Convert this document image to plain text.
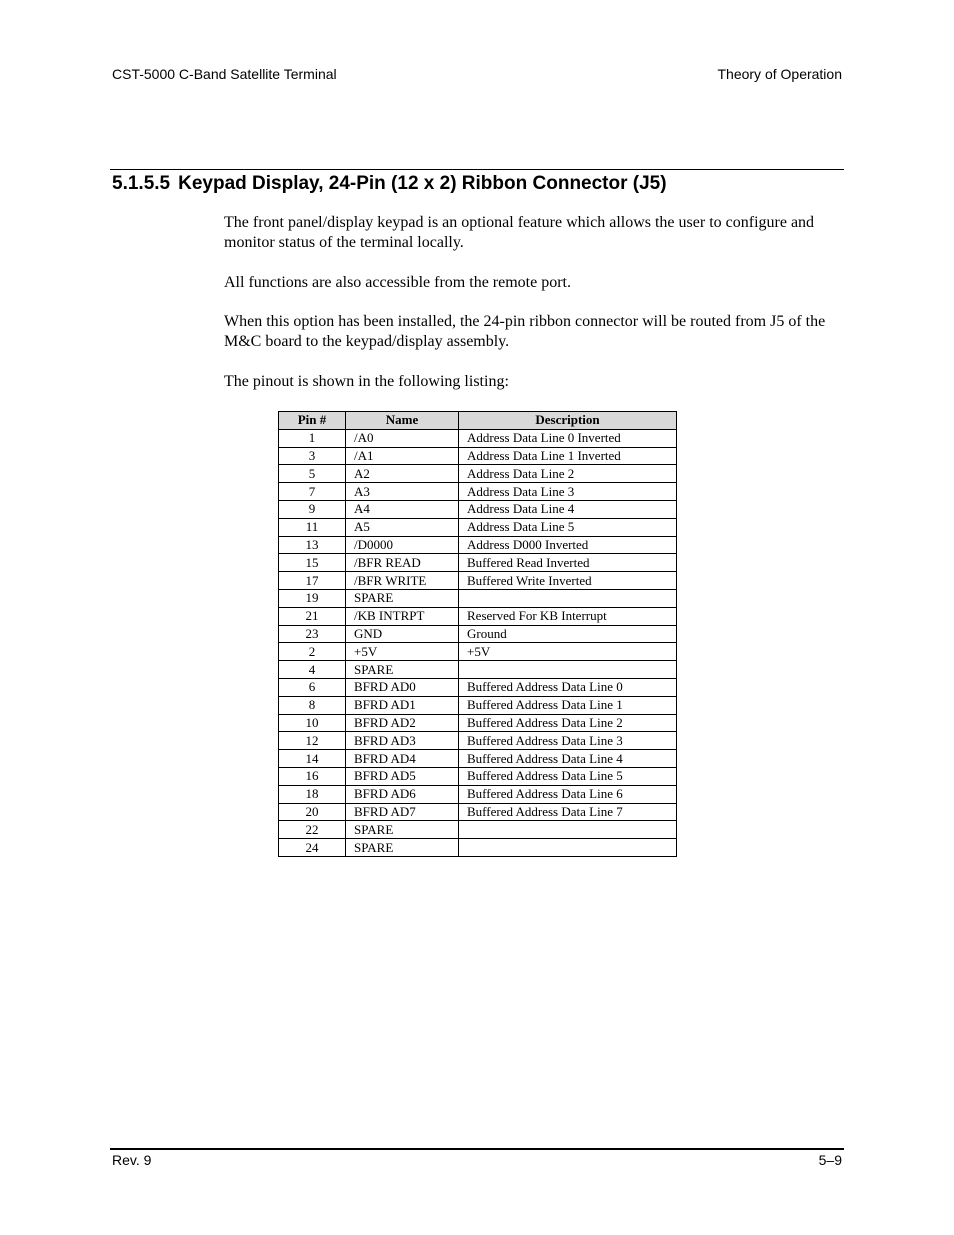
CST-5000 C-Band Satellite Terminal	Theory of Operation
5.1.5.5 Keypad Display, 24-Pin (12 x 2) Ribbon Connector (J5)

The front panel/display keypad is an optional feature which allows the user to configure and monitor status of the terminal locally.

All functions are also accessible from the remote port.

When this option has been installed, the 24-pin ribbon connector will be routed from J5 of the M&C board to the keypad/display assembly.

The pinout is shown in the following listing:

Pin #	Name	Description
1	/A0	Address Data Line 0 Inverted
3	/A1	Address Data Line 1 Inverted
5	A2	Address Data Line 2
7	A3	Address Data Line 3
9	A4	Address Data Line 4
11	A5	Address Data Line 5
13	/D0000	Address D000 Inverted
15	/BFR READ	Buffered Read Inverted
17	/BFR WRITE	Buffered Write Inverted
19	SPARE	
21	/KB INTRPT	Reserved For KB Interrupt
23	GND	Ground
2	+5V	+5V
4	SPARE	
6	BFRD AD0	Buffered Address Data Line 0
8	BFRD AD1	Buffered Address Data Line 1
10	BFRD AD2	Buffered Address Data Line 2
12	BFRD AD3	Buffered Address Data Line 3
14	BFRD AD4	Buffered Address Data Line 4
16	BFRD AD5	Buffered Address Data Line 5
18	BFRD AD6	Buffered Address Data Line 6
20	BFRD AD7	Buffered Address Data Line 7
22	SPARE	
24	SPARE	
Rev. 9	5–9
